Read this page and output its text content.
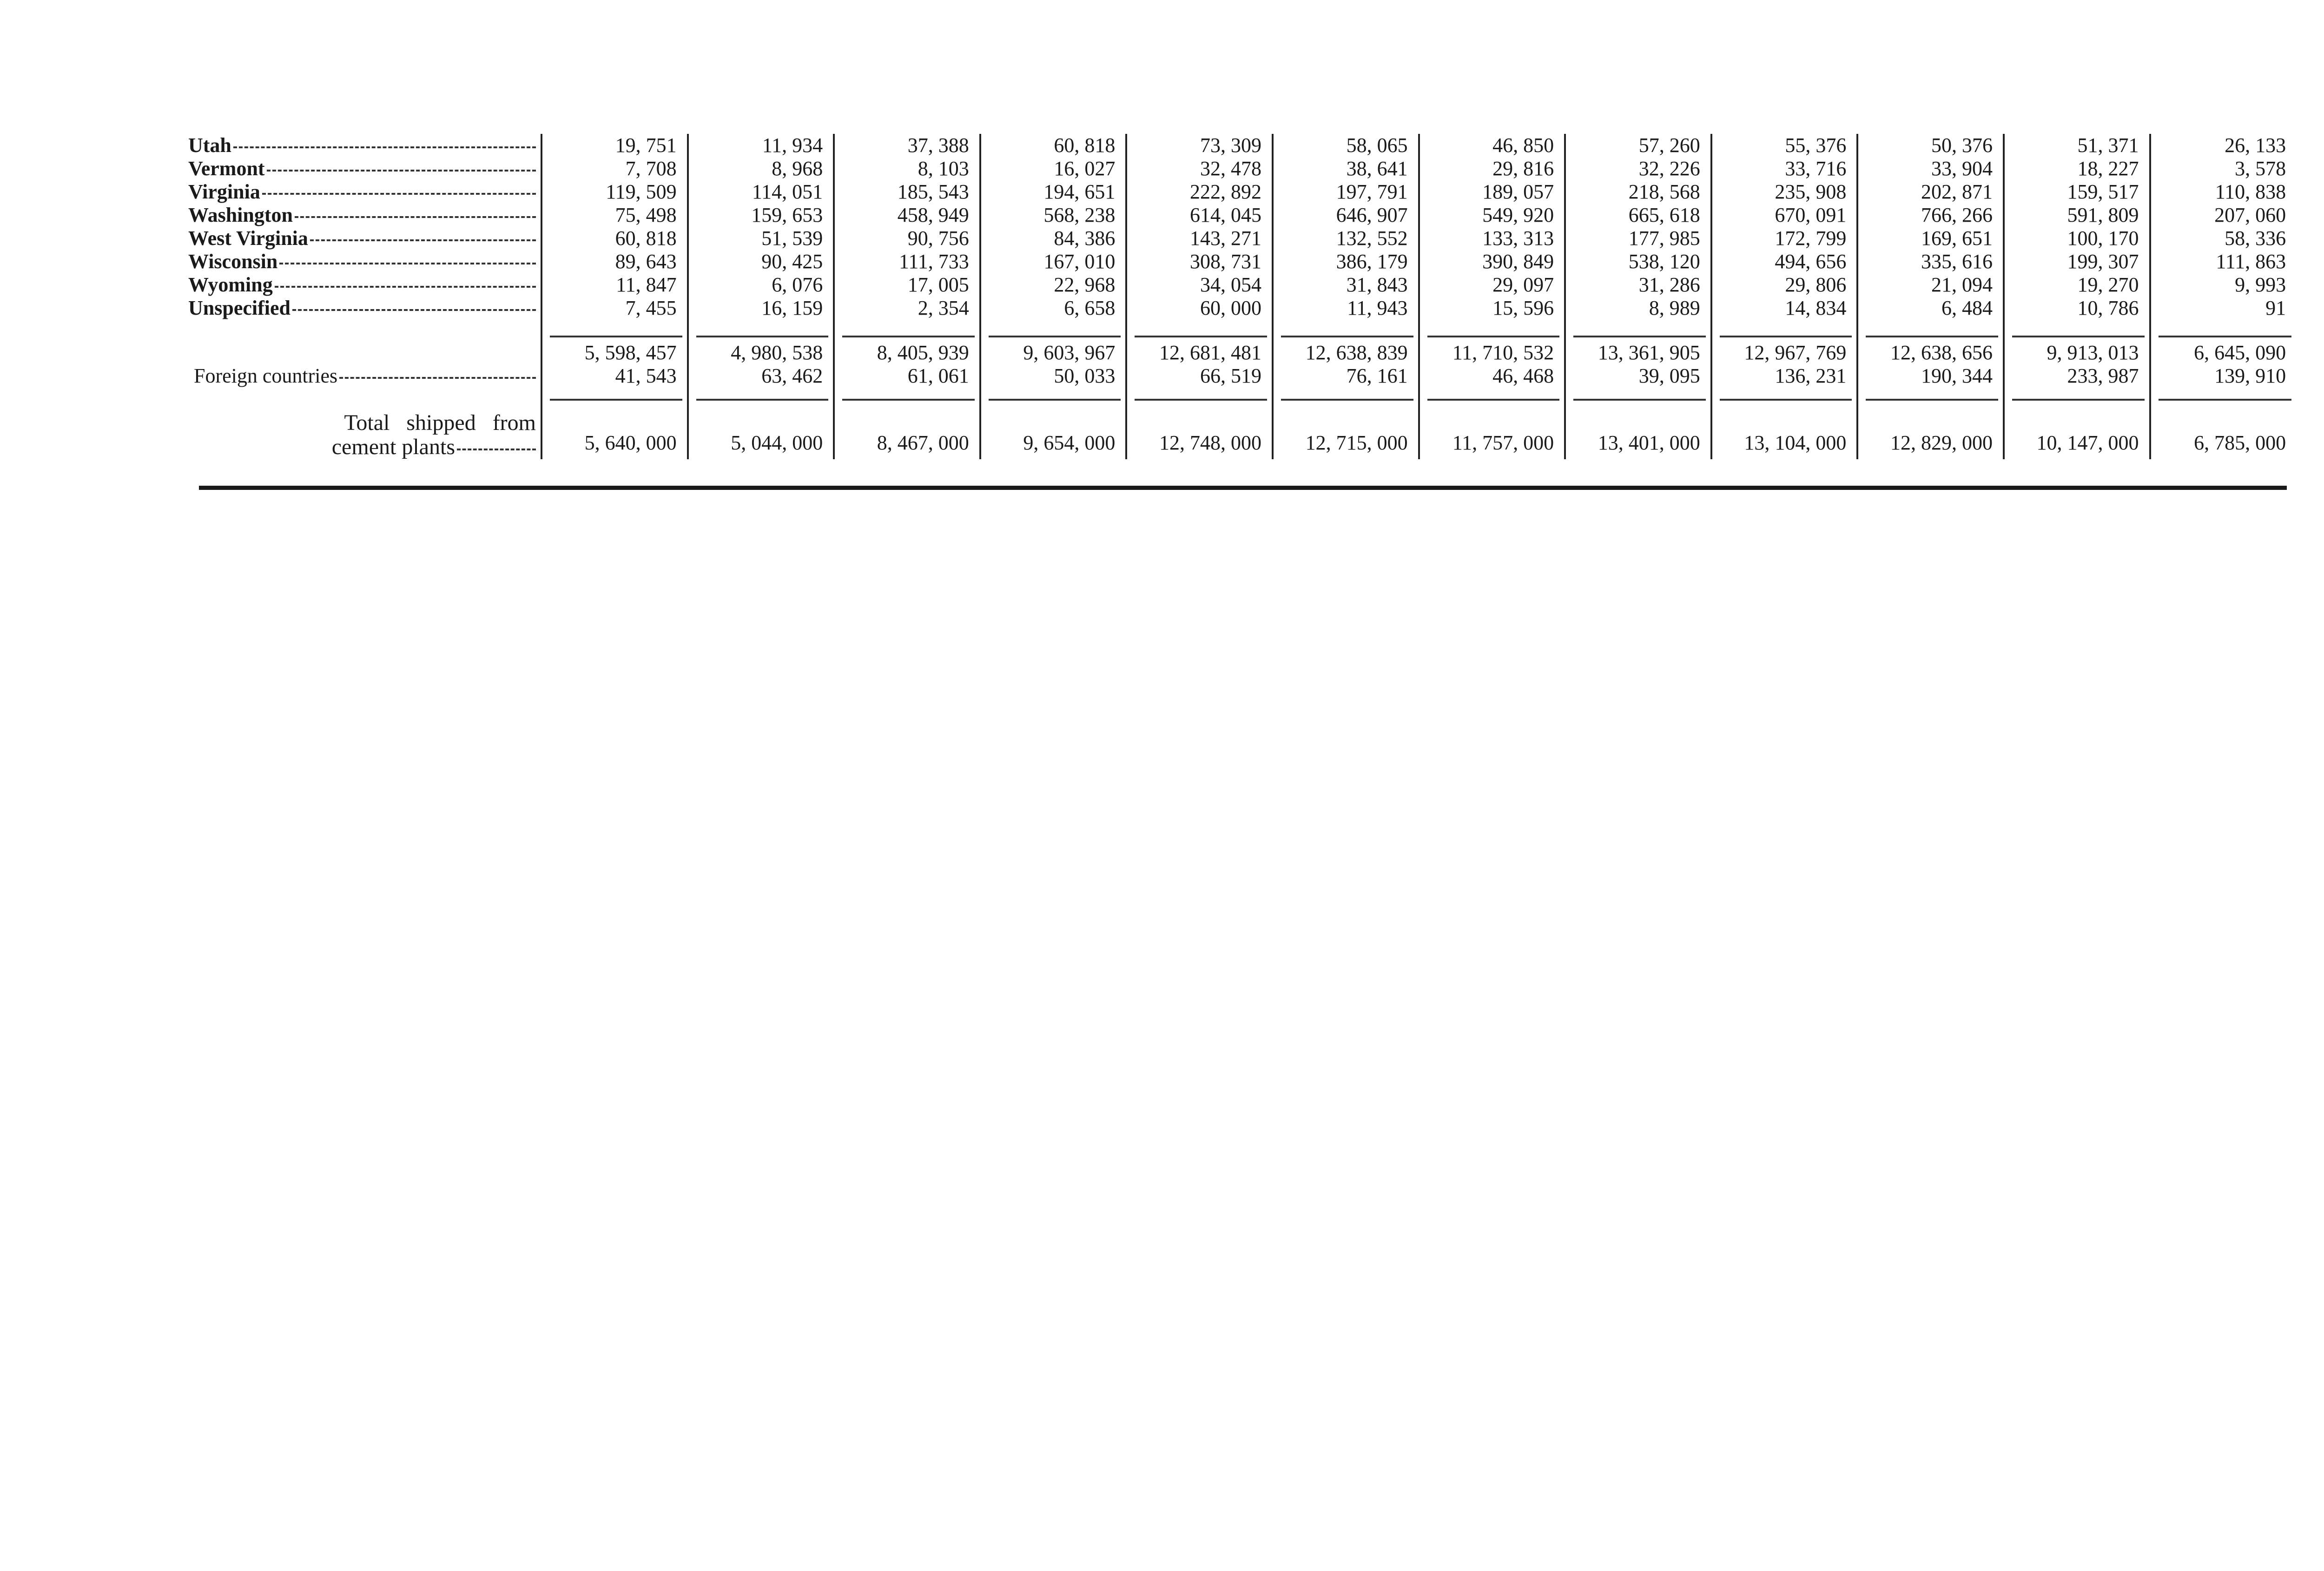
Utah	19, 751	11, 934	37, 388	60, 818	73, 309	58, 065	46, 850	57, 260	55, 376	50, 376	51, 371	26, 133

Vermont	7, 708	8, 968	8, 103	16, 027	32, 478	38, 641	29, 816	32, 226	33, 716	33, 904	18, 227	3, 578

Virginia	119, 509	114, 051	185, 543	194, 651	222, 892	197, 791	189, 057	218, 568	235, 908	202, 871	159, 517	110, 838

Washington	75, 498	159, 653	458, 949	568, 238	614, 045	646, 907	549, 920	665, 618	670, 091	766, 266	591, 809	207, 060

West Virginia	60, 818	51, 539	90, 756	84, 386	143, 271	132, 552	133, 313	177, 985	172, 799	169, 651	100, 170	58, 336

Wisconsin	89, 643	90, 425	111, 733	167, 010	308, 731	386, 179	390, 849	538, 120	494, 656	335, 616	199, 307	111, 863

Wyoming	11, 847	6, 076	17, 005	22, 968	34, 054	31, 843	29, 097	31, 286	29, 806	21, 094	19, 270	9, 993

Unspecified	7, 455	16, 159	2, 354	6, 658	60, 000	11, 943	15, 596	8, 989	14, 834	6, 484	10, 786	91

	5, 598, 457	4, 980, 538	8, 405, 939	9, 603, 967	12, 681, 481	12, 638, 839	11, 710, 532	13, 361, 905	12, 967, 769	12, 638, 656	9, 913, 013	6, 645, 090

Foreign countries	41, 543	63, 462	61, 061	50, 033	66, 519	76, 161	46, 468	39, 095	136, 231	190, 344	233, 987	139, 910

Total shipped from
cement plants	5, 640, 000	5, 044, 000	8, 467, 000	9, 654, 000	12, 748, 000	12, 715, 000	11, 757, 000	13, 401, 000	13, 104, 000	12, 829, 000	10, 147, 000	6, 785, 000
